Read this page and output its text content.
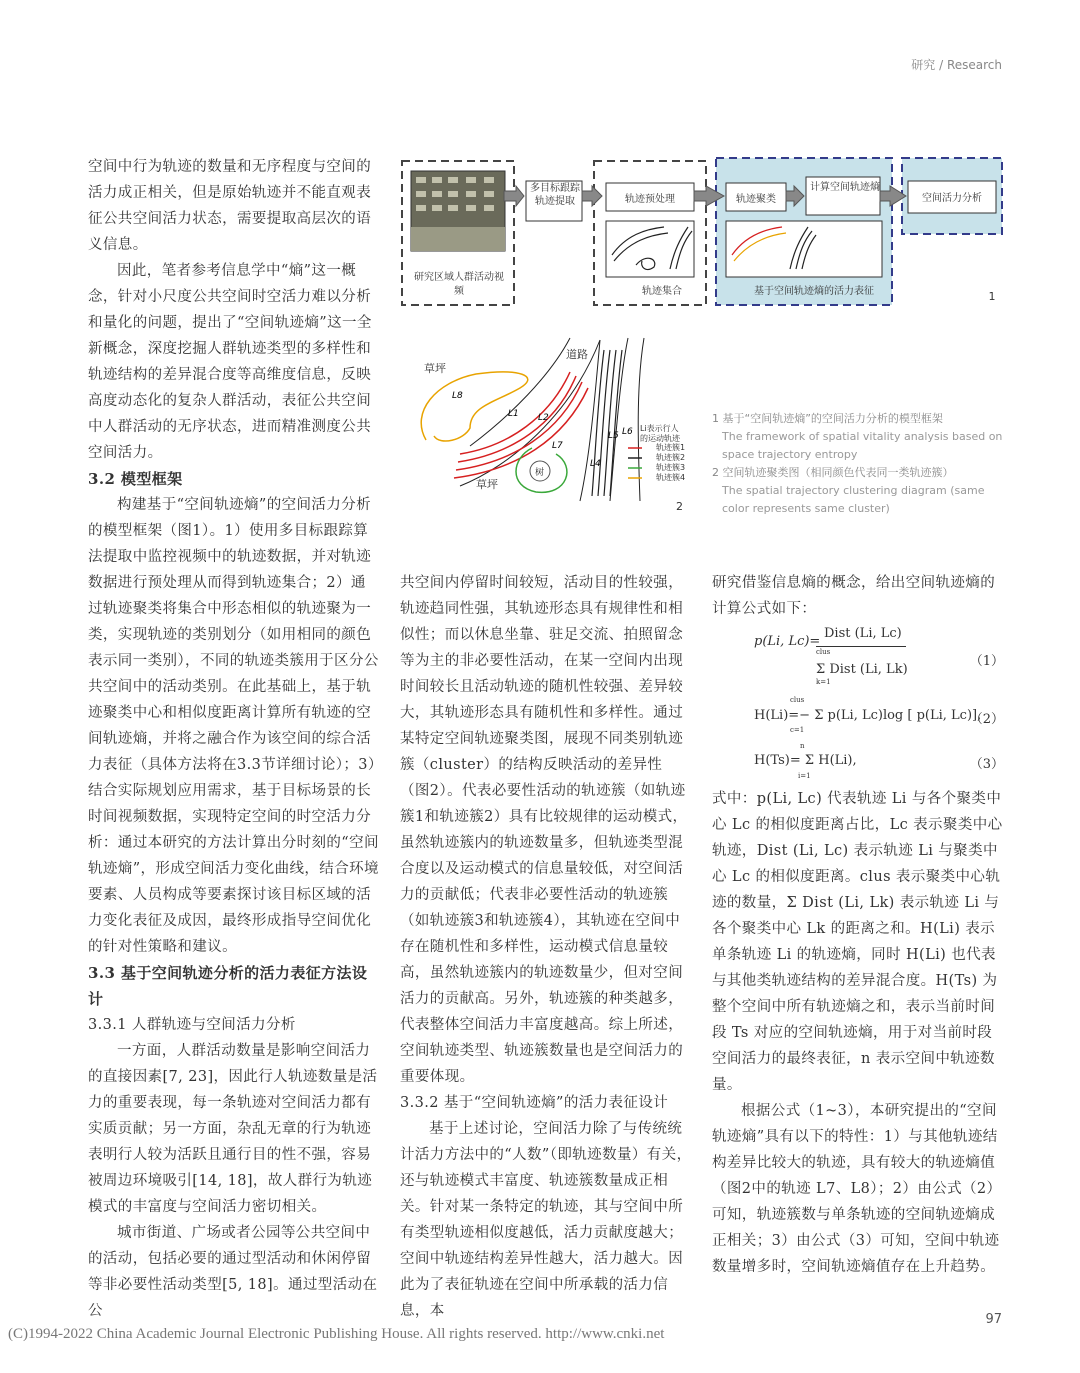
研究 / Research
研究区域人群活动视频
多目标跟踪轨迹提取	轨迹预处理
轨迹集合
轨迹聚类
计算空间轨迹熵
空间活力分析
基于空间轨迹熵的活力表征	1
L8
L1 L2
L7
L4
L5 L6
草坪
草坪
道路
树
Li表示行人的运动轨迹
轨迹簇1
轨迹簇2
轨迹簇3
轨迹簇4
2
1 基于“空间轨迹熵”的空间活力分析的模型框架
The framework of spatial vitality analysis based on space trajectory entropy
2 空间轨迹聚类图（相同颜色代表同一类轨迹簇）
The spatial trajectory clustering diagram (same color represents same cluster)

空间中行为轨迹的数量和无序程度与空间的活力成正相关，但是原始轨迹并不能直观表征公共空间活力状态，需要提取高层次的语义信息。

因此，笔者参考信息学中“熵”这一概念，针对小尺度公共空间时空活力难以分析和量化的问题，提出了“空间轨迹熵”这一全新概念，深度挖掘人群轨迹类型的多样性和轨迹结构的差异混合度等高维度信息，反映高度动态化的复杂人群活动，表征公共空间中人群活动的无序状态，进而精准测度公共空间活力。

3.2 模型框架

构建基于“空间轨迹熵”的空间活力分析的模型框架（图1）。1）使用多目标跟踪算法提取中监控视频中的轨迹数据，并对轨迹

数据进行预处理从而得到轨迹集合；2）通过轨迹聚类将集合中形态相似的轨迹聚为一类，实现轨迹的类别划分（如用相同的颜色表示同一类别），不同的轨迹类簇用于区分公共空间中的活动类别。在此基础上，基于轨迹聚类中心和相似度距离计算所有轨迹的空间轨迹熵，并将之融合作为该空间的综合活力表征（具体方法将在3.3节详细讨论）；3）结合实际规划应用需求，基于目标场景的长时间视频数据，实现特定空间的时空活力分析：通过本研究的方法计算出分时刻的“空间轨迹熵”，形成空间活力变化曲线，结合环境要素、人员构成等要素探讨该目标区域的活力变化表征及成因，最终形成指导空间优化的针对性策略和建议。

3.3 基于空间轨迹分析的活力表征方法设计

3.3.1 人群轨迹与空间活力分析

一方面，人群活动数量是影响空间活力的直接因素[7, 23]，因此行人轨迹数量是活力的重要表现，每一条轨迹对空间活力都有实质贡献；另一方面，杂乱无章的行为轨迹表明行人较为活跃且通行目的性不强，容易被周边环境吸引[14, 18]，故人群行为轨迹模式的丰富度与空间活力密切相关。

城市街道、广场或者公园等公共空间中的活动，包括必要的通过型活动和休闲停留等非必要性活动类型[5, 18]。通过型活动在公

共空间内停留时间较短，活动目的性较强，轨迹趋同性强，其轨迹形态具有规律性和相似性；而以休息坐靠、驻足交流、拍照留念等为主的非必要性活动，在某一空间内出现时间较长且活动轨迹的随机性较强、差异较大，其轨迹形态具有随机性和多样性。通过某特定空间轨迹聚类图，展现不同类别轨迹簇（cluster）的结构反映活动的差异性（图2）。代表必要性活动的轨迹簇（如轨迹簇1和轨迹簇2）具有比较规律的运动模式，虽然轨迹簇内的轨迹数量多，但轨迹类型混合度以及运动模式的信息量较低，对空间活力的贡献低；代表非必要性活动的轨迹簇（如轨迹簇3和轨迹簇4），其轨迹在空间中存在随机性和多样性，运动模式信息量较高，虽然轨迹簇内的轨迹数量少，但对空间活力的贡献高。另外，轨迹簇的种类越多，代表整体空间活力丰富度越高。综上所述，空间轨迹类型、轨迹簇数量也是空间活力的重要体现。

3.3.2 基于“空间轨迹熵”的活力表征设计

基于上述讨论，空间活力除了与传统统计活力方法中的“人数”（即轨迹数量）有关，还与轨迹模式丰富度、轨迹簇数量成正相关。针对某一条特定的轨迹，其与空间中所有类型轨迹相似度越低，活力贡献度越大；空间中轨迹结构差异性越大，活力越大。因此为了表征轨迹在空间中所承载的活力信息，本

研究借鉴信息熵的概念，给出空间轨迹熵的计算公式如下：

p(Li, Lc)=
Dist (Li, Lc)
clus
Σ Dist (Li, Lk)
k=1
（1）
clus
H(Li)=− Σ p(Li, Lc)log [ p(Li, Lc)],
c=1
（2）
n
H(Ts)= Σ H(Li),
i=1
（3）

式中：p(Li, Lc) 代表轨迹 Li 与各个聚类中心 Lc 的相似度距离占比，Lc 表示聚类中心轨迹，Dist (Li, Lc) 表示轨迹 Li 与聚类中心 Lc 的相似度距离。clus 表示聚类中心轨迹的数量，Σ Dist (Li, Lk) 表示轨迹 Li 与各个聚类中心 Lk 的距离之和。H(Li) 表示单条轨迹 Li 的轨迹熵，同时 H(Li) 也代表与其他类轨迹结构的差异混合度。H(Ts) 为整个空间中所有轨迹熵之和，表示当前时间段 Ts 对应的空间轨迹熵，用于对当前时段空间活力的最终表征，n 表示空间中轨迹数量。

根据公式（1~3），本研究提出的“空间轨迹熵”具有以下的特性：1）与其他轨迹结构差异比较大的轨迹，具有较大的轨迹熵值（图2中的轨迹 L7、L8）；2）由公式（2）可知，轨迹簇数与单条轨迹的空间轨迹熵成正相关；3）由公式（3）可知，空间中轨迹数量增多时，空间轨迹熵值存在上升趋势。

97
(C)1994-2022 China Academic Journal Electronic Publishing House. All rights reserved. http://www.cnki.net
